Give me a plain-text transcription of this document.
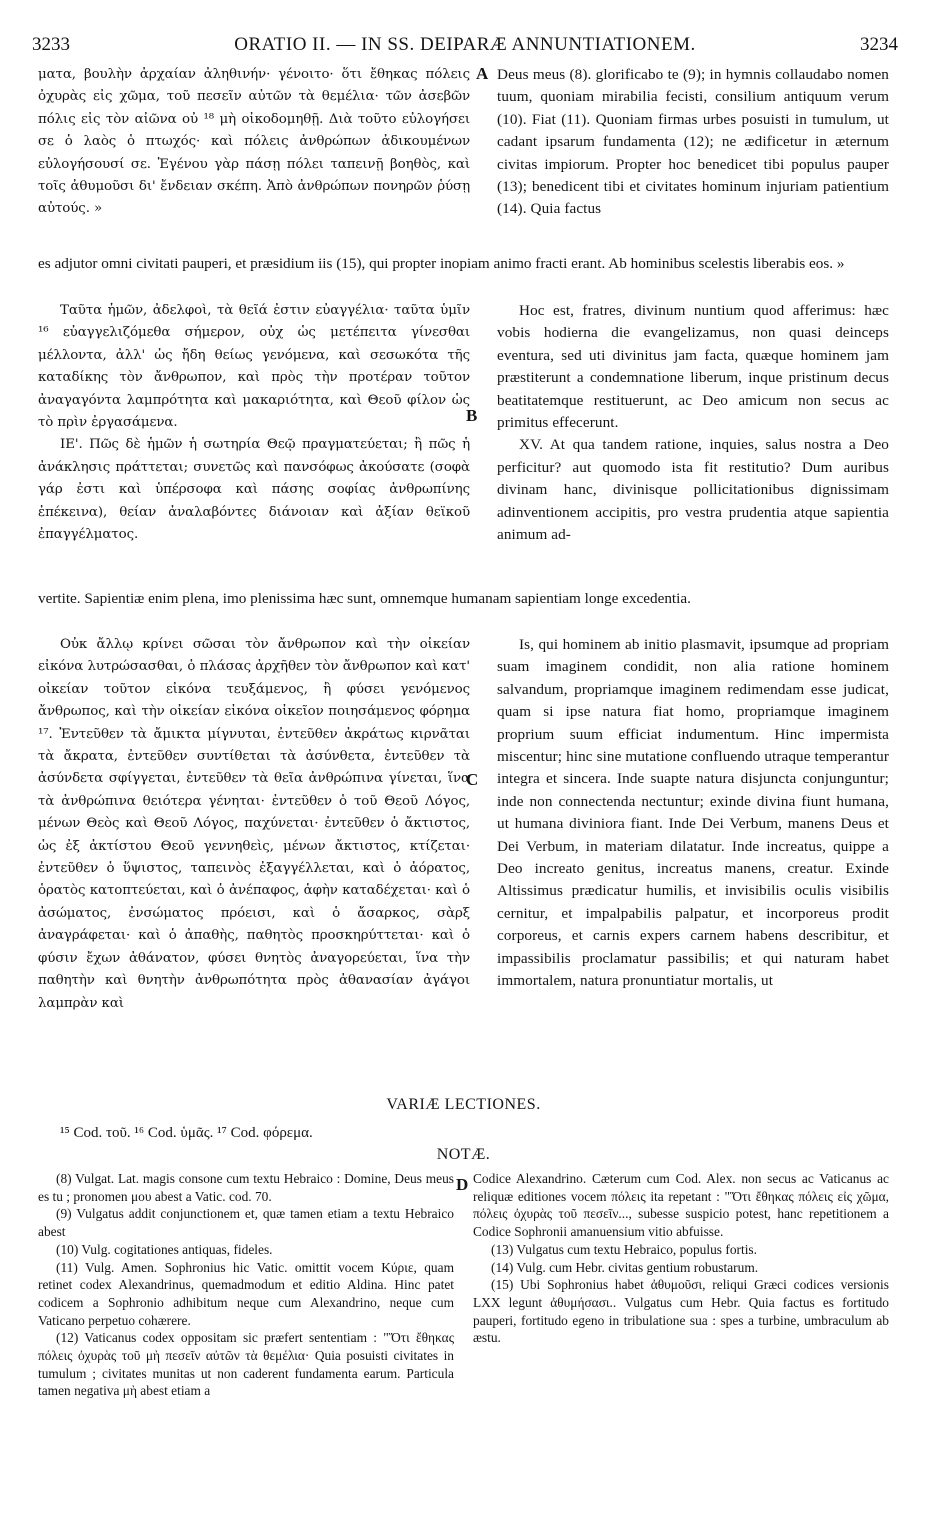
3233	ORATIO II. — IN SS. DEIPARÆ ANNUNTIATIONEM.	3234

ματα, βουλὴν ἀρχαίαν ἀληθινήν· γένοιτο· ὅτι ἔθηκας πόλεις ὀχυρὰς εἰς χῶμα, τοῦ πεσεῖν αὐτῶν τὰ θεμέλια· τῶν ἀσεβῶν πόλις εἰς τὸν αἰῶνα οὐ ¹⁸ μὴ οἰκοδομηθῇ. Διὰ τοῦτο εὐλογήσει σε ὁ λαὸς ὁ πτωχός· καὶ πόλεις ἀνθρώπων ἀδικουμένων εὐλογήσουσί σε. Ἐγένου γὰρ πάσῃ πόλει ταπεινῇ βοηθὸς, καὶ τοῖς ἀθυμοῦσι δι' ἔνδειαν σκέπη. Ἀπὸ ἀνθρώπων πονηρῶν ῥύσῃ αὐτούς. »

A Deus meus (8). glorificabo te (9); in hymnis collaudabo nomen tuum, quoniam mirabilia fecisti, consilium antiquum verum (10). Fiat (11). Quoniam firmas urbes posuisti in tumulum, ut cadant ipsarum fundamenta (12); ne ædificetur in æternum civitas impiorum. Propter hoc benedicet tibi populus pauper (13); benedicent tibi et civitates hominum injuriam patientium (14). Quia factus

es adjutor omni civitati pauperi, et præsidium iis (15), qui propter inopiam animo fracti erant. Ab hominibus scelestis liberabis eos. »

Ταῦτα ἡμῶν, ἀδελφοὶ, τὰ θεῖά ἐστιν εὐαγγέλια· ταῦτα ὑμῖν ¹⁶ εὐαγγελιζόμεθα σήμερον, οὐχ ὡς μετέπειτα γίνεσθαι μέλλοντα, ἀλλ' ὡς ἤδη θείως γενόμενα, καὶ σεσωκότα τῆς καταδίκης τὸν ἄνθρωπον, καὶ πρὸς τὴν προτέραν τοῦτον ἀναγαγόντα λαμπρότητα καὶ μακαριότητα, καὶ Θεοῦ φίλον ὡς τὸ πρὶν ἐργασάμενα.

ΙΕ'. Πῶς δὲ ἡμῶν ἡ σωτηρία Θεῷ πραγματεύεται; ἢ πῶς ἡ ἀνάκλησις πράττεται; συνετῶς καὶ πανσόφως ἀκούσατε (σοφὰ γάρ ἐστι καὶ ὑπέρσοφα καὶ πάσης σοφίας ἀνθρωπίνης ἐπέκεινα), θείαν ἀναλαβόντες διάνοιαν καὶ ἀξίαν θεϊκοῦ ἐπαγγέλματος.

B

Hoc est, fratres, divinum nuntium quod afferimus: hæc vobis hodierna die evangelizamus, non quasi deinceps eventura, sed uti divinitus jam facta, quæque hominem jam præstiterunt a condemnatione liberum, inque pristinum decus beatitatemque restituerunt, ac Deo amicum non secus ac primitus effecerunt.

XV. At qua tandem ratione, inquies, salus nostra a Deo perficitur? aut quomodo ista fit restitutio? Dum auribus divinam hanc, divinisque pollicitationibus dignissimam adinventionem accipitis, pro vestra prudentia atque sapientia animum ad-

vertite. Sapientiæ enim plena, imo plenissima hæc sunt, omnemque humanam sapientiam longe excedentia.

Οὐκ ἄλλῳ κρίνει σῶσαι τὸν ἄνθρωπον καὶ τὴν οἰκείαν εἰκόνα λυτρώσασθαι, ὁ πλάσας ἀρχῆθεν τὸν ἄνθρωπον καὶ κατ' οἰκείαν τοῦτον εἰκόνα τευξάμενος, ἢ φύσει γενόμενος ἄνθρωπος, καὶ τὴν οἰκείαν εἰκόνα οἰκεῖον ποιησάμενος φόρημα ¹⁷. Ἐντεῦθεν τὰ ἄμικτα μίγνυται, ἐντεῦθεν ἀκράτως κιρνᾶται τὰ ἄκρατα, ἐντεῦθεν συντίθεται τὰ ἀσύνθετα, ἐντεῦθεν τὰ ἀσύνδετα σφίγγεται, ἐντεῦθεν τὰ θεῖα ἀνθρώπινα γίνεται, ἵνα τὰ ἀνθρώπινα θειότερα γένηται· ἐντεῦθεν ὁ τοῦ Θεοῦ Λόγος, μένων Θεὸς καὶ Θεοῦ Λόγος, παχύνεται· ἐντεῦθεν ὁ ἄκτιστος, ὡς ἐξ ἀκτίστου Θεοῦ γεννηθεὶς, μένων ἄκτιστος, κτίζεται· ἐντεῦθεν ὁ ὕψιστος, ταπεινὸς ἐξαγγέλλεται, καὶ ὁ ἀόρατος, ὁρατὸς κατοπτεύεται, καὶ ὁ ἀνέπαφος, ἁφὴν καταδέχεται· καὶ ὁ ἀσώματος, ἐνσώματος πρόεισι, καὶ ὁ ἄσαρκος, σὰρξ ἀναγράφεται· καὶ ὁ ἀπαθὴς, παθητὸς προσκηρύττεται· καὶ ὁ φύσιν ἔχων ἀθάνατον, φύσει θνητὸς ἀναγορεύεται, ἵνα τὴν παθητὴν καὶ θνητὴν ἀνθρωπότητα πρὸς ἀθανασίαν ἀγάγοι λαμπρὰν καὶ

C

Is, qui hominem ab initio plasmavit, ipsumque ad propriam suam imaginem condidit, non alia ratione hominem salvandum, propriamque imaginem redimendam esse judicat, quam si ipse natura fiat homo, propriamque imaginem proprium suum efficiat indumentum. Hinc impermista miscentur; hinc sine mutatione confluendo utraque temperantur integra et sincera. Inde suapte natura disjuncta conjunguntur; inde non connectenda nectuntur; exinde divina fiunt humana, ut humana diviniora fiant. Inde Dei Verbum, manens Deus et Dei Verbum, in materiam dilatatur. Inde increatus, quippe a Deo increato genitus, increatus manens, creatur. Exinde Altissimus prædicatur humilis, et invisibilis oculis visibilis cernitur, et impalpabilis palpatur, et incorporeus prodit corporeus, et carnis expers carnem habens describitur, et impassibilis proclamatur passibilis; et qui naturam habet immortalem, natura pronuntiatur mortalis, ut

VARIÆ LECTIONES.
¹⁵ Cod. τοῦ. ¹⁶ Cod. ὑμᾶς. ¹⁷ Cod. φόρεμα.
NOTÆ.
D

(8) Vulgat. Lat. magis consone cum textu Hebraico : Domine, Deus meus es tu ; pronomen μου abest a Vatic. cod. 70.

(9) Vulgatus addit conjunctionem et, quæ tamen etiam a textu Hebraico abest

(10) Vulg. cogitationes antiquas, fideles.

(11) Vulg. Amen. Sophronius hic Vatic. omittit vocem Κύριε, quam retinet codex Alexandrinus, quemadmodum et editio Aldina. Hinc patet codicem a Sophronio adhibitum neque cum Alexandrino, neque cum Vaticano perpetuo cohærere.

(12) Vaticanus codex oppositam sic præfert sententiam : "Ὅτι ἔθηκας πόλεις ὀχυρὰς τοῦ μὴ πεσεῖν αὐτῶν τὰ θεμέλια· Quia posuisti civitates in tumulum ; civitates munitas ut non caderent fundamenta earum. Particula tamen negativa μὴ abest etiam a

Codice Alexandrino. Cæterum cum Cod. Alex. non secus ac Vaticanus ac reliquæ editiones vocem πόλεις ita repetant : "Ὅτι ἔθηκας πόλεις εἰς χῶμα, πόλεις ὀχυρὰς τοῦ πεσεῖν..., subesse suspicio potest, hanc repetitionem a Codice Sophronii amanuensium vitio abfuisse.

(13) Vulgatus cum textu Hebraico, populus fortis.

(14) Vulg. cum Hebr. civitas gentium robustarum.

(15) Ubi Sophronius habet ἀθυμοῦσι, reliqui Græci codices versionis LXX legunt ἀθυμήσασι.. Vulgatus cum Hebr. Quia factus es fortitudo pauperi, fortitudo egeno in tribulatione sua : spes a turbine, umbraculum ab æstu.
